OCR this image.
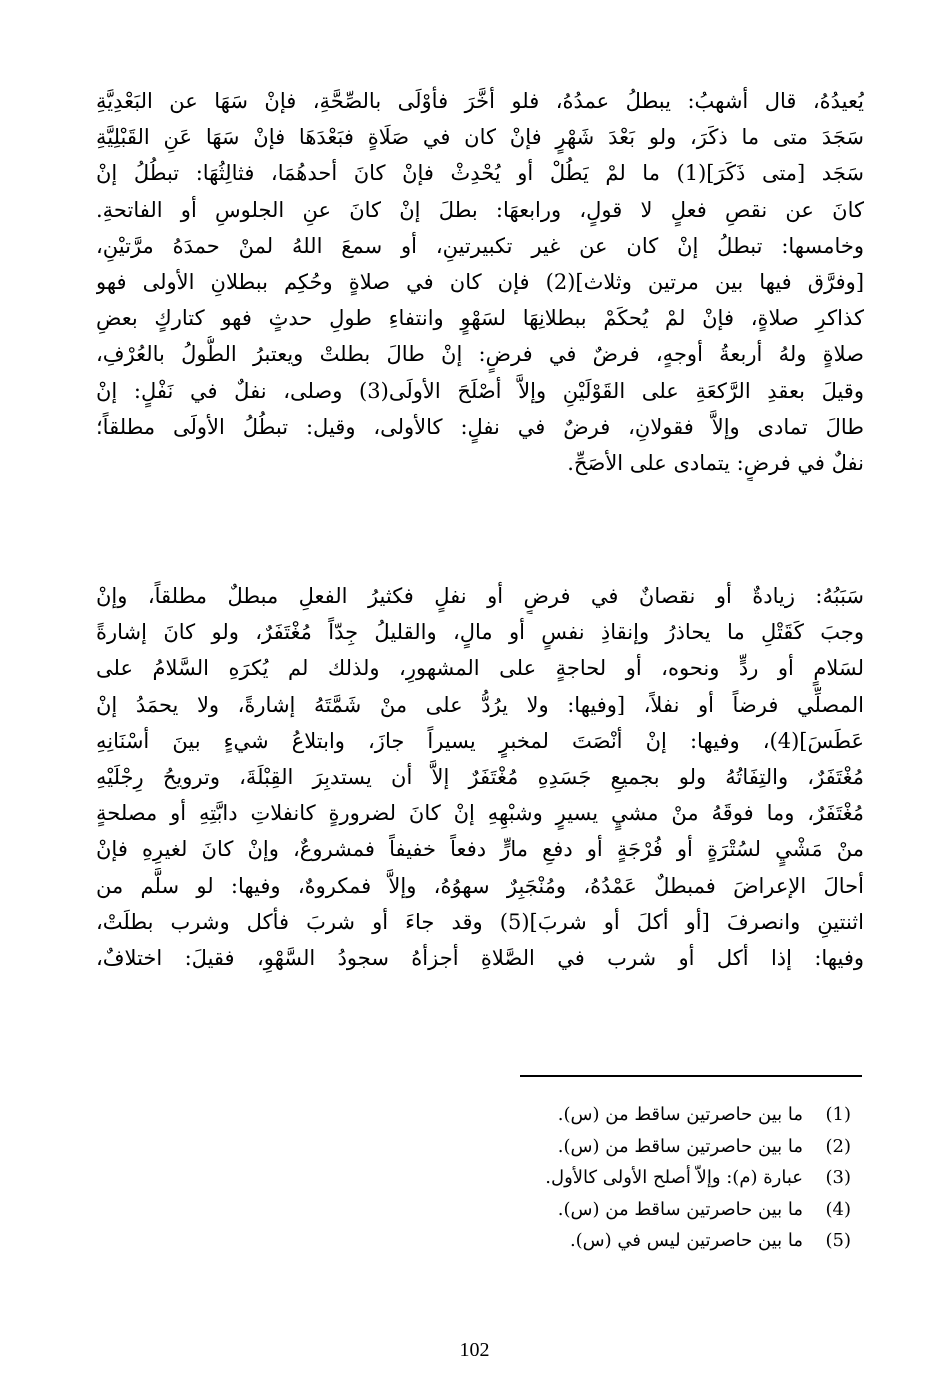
يُعيدُهُ، قال أشهبُ: يبطلُ عمدُهُ، فلو أخَّرَ فأوْلَى بالصِّحَّةِ، فإنْ سَهَا عن البَعْدِيَّةِ
سَجَدَ متى ما ذكَرَ، ولو بَعْدَ شَهْرٍ فإنْ كان في صَلَاةٍ فبَعْدَهَا فإنْ سَهَا عَنِ القَبْلِيَّةِ
سَجَد [متى ذَكَرَ](1) ما لمْ يَطُلْ أو يُحْدِثْ فإنْ كانَ أحدهُمَا، فثالِثُهَا: تبطُلُ إنْ
كانَ عن نقصِ فعلٍ لا قولٍ، ورابعهَا: بطلَ إنْ كانَ عنِ الجلوسِ أو الفاتحةِ.
وخامسها: تبطلُ إنْ كان عن غير تكبيرتينِ، أو سمعَ اللهُ لمنْ حمدَهُ مرَّتيْنِ،
[وفرَّق فيها بين مرتين وثلاث](2) فإن كان في صلاةٍ وحُكِم ببطلانِ الأولى فهو
كذاكرِ صلاةٍ، فإنْ لمْ يُحكَمْ ببطلانِهَا لسَهْوٍ وانتفاءِ طولِ حدثٍ فهو كتاركٍ بعضِ
صلاةٍ ولهُ أربعةُ أوجهٍ، فرضٌ في فرضٍ: إنْ طالَ بطلتْ ويعتبرُ الطُّولُ بالعُرْفِ،
وقيلَ بعقدِ الرَّكعَةِ على القَوْلَيْنِ وإلاَّ أصْلَحَ الأولَى(3) وصلى، نفلٌ في نَفْلٍ: إنْ
طالَ تمادى وإلاَّ فقولانِ، فرضٌ في نفلٍ: كالأولى، وقيل: تبطُلُ الأولَى مطلقاً؛
نفلٌ في فرضٍ: يتمادى على الأصَحِّ.
سَبَبُهُ: زيادةٌ أو نقصانٌ في فرضٍ أو نفلٍ فكثيرُ الفعلِ مبطلٌ مطلقاً، وإنْ
وجبَ كَقَتْلِ ما يحاذرُ وإنقاذِ نفسٍ أو مالٍ، والقليلُ جِدّاً مُغْتَفَرٌ، ولو كانَ إشارةً
لسَلامٍ أو ردٍّ ونحوه، أو لحاجةٍ على المشهورِ، ولذلك لم يُكرَهِ السَّلامُ على
المصلِّي فرضاً أو نفلاً، [وفيها: ولا يرُدُّ على منْ شَمَّتَهُ إشارةً، ولا يحمَدُ إنْ
عَطَسَ](4)، وفيها: إنْ أنْصَتَ لمخبرٍ يسيراً جازَ، وابتلاعُ شيءٍ بينَ أسْنَانِهِ
مُغْتَفَرٌ، والتِفَاتُهُ ولو بجميعِ جَسَدِهِ مُغْتَفَرٌ إلاَّ أن يستدبِرَ القِبْلَةَ، وترويحُ رِجْلَيْهِ
مُغْتَفَرٌ، وما فوقَهُ منْ مشيٍ يسيرٍ وشبْهِهِ إنْ كانَ لضرورةٍ كانفلاتِ دابَّتِهِ أو مصلحةٍ
منْ مَشْيٍ لسُتْرَةٍ أو فُرْجَةٍ أو دفعِ مارٍّ دفعاً خفيفاً فمشروعٌ، وإنْ كانَ لغيرِهِ فإنْ
أحالَ الإعراضَ فمبطلٌ عَمْدُهُ، ومُنْجَبِرٌ سهوُهُ، وإلاَّ فمكروهٌ، وفيها: لو سلَّم من
اثنتينِ وانصرفَ [أو أكلَ أو شربَ](5) وقد جاءَ أو شربَ فأكل وشرب بطلَتْ،
وفيها: إذا أكل أو شرب في الصَّلاةِ أجزأهُ سجودُ السَّهْوِ، فقيلَ: اختلافٌ،
(1)
ما بين حاصرتين ساقط من (س).
(2)
ما بين حاصرتين ساقط من (س).
(3)
عبارة (م): وإلاّ أصلح الأولى كالأول.
(4)
ما بين حاصرتين ساقط من (س).
(5)
ما بين حاصرتين ليس في (س).
102
